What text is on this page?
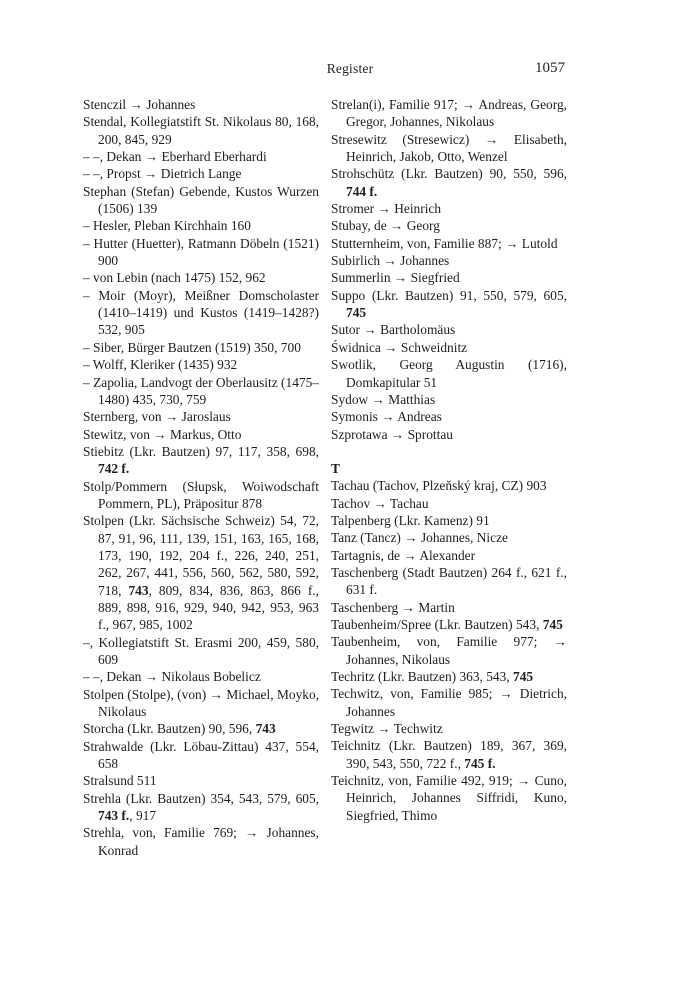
Register	1057

Stenczil → Johannes

Stendal, Kollegiatstift St. Nikolaus 80, 168, 200, 845, 929

– –, Dekan → Eberhard Eberhardi

– –, Propst → Dietrich Lange

Stephan (Stefan) Gebende, Kustos Wurzen (1506) 139

– Hesler, Pleban Kirchhain 160

– Hutter (Huetter), Ratmann Döbeln (1521) 900

– von Lebin (nach 1475) 152, 962

– Moir (Moyr), Meißner Domscholaster (1410–1419) und Kustos (1419–1428?) 532, 905

– Siber, Bürger Bautzen (1519) 350, 700

– Wolff, Kleriker (1435) 932

– Zapolia, Landvogt der Oberlausitz (1475–1480) 435, 730, 759

Sternberg, von → Jaroslaus

Stewitz, von → Markus, Otto

Stiebitz (Lkr. Bautzen) 97, 117, 358, 698, 742 f.

Stolp/Pommern (Słupsk, Woiwodschaft Pommern, PL), Präpositur 878

Stolpen (Lkr. Sächsische Schweiz) 54, 72, 87, 91, 96, 111, 139, 151, 163, 165, 168, 173, 190, 192, 204 f., 226, 240, 251, 262, 267, 441, 556, 560, 562, 580, 592, 718, 743, 809, 834, 836, 863, 866 f., 889, 898, 916, 929, 940, 942, 953, 963 f., 967, 985, 1002

–, Kollegiatstift St. Erasmi 200, 459, 580, 609

– –, Dekan → Nikolaus Bobelicz

Stolpen (Stolpe), (von) → Michael, Moyko, Nikolaus

Storcha (Lkr. Bautzen) 90, 596, 743

Strahwalde (Lkr. Löbau-Zittau) 437, 554, 658

Stralsund 511

Strehla (Lkr. Bautzen) 354, 543, 579, 605, 743 f., 917

Strehla, von, Familie 769; → Johannes, Konrad

Strelan(i), Familie 917; → Andreas, Georg, Gregor, Johannes, Nikolaus

Stresewitz (Stresewicz) → Elisabeth, Heinrich, Jakob, Otto, Wenzel

Strohschütz (Lkr. Bautzen) 90, 550, 596, 744 f.

Stromer → Heinrich

Stubay, de → Georg

Stutternheim, von, Familie 887; → Lutold

Subirlich → Johannes

Summerlin → Siegfried

Suppo (Lkr. Bautzen) 91, 550, 579, 605, 745

Sutor → Bartholomäus

Świdnica → Schweidnitz

Swotlik, Georg Augustin (1716), Domkapitular 51

Sydow → Matthias

Symonis → Andreas

Szprotawa → Sprottau

T

Tachau (Tachov, Plzeňský kraj, CZ) 903

Tachov → Tachau

Talpenberg (Lkr. Kamenz) 91

Tanz (Tancz) → Johannes, Nicze

Tartagnis, de → Alexander

Taschenberg (Stadt Bautzen) 264 f., 621 f., 631 f.

Taschenberg → Martin

Taubenheim/Spree (Lkr. Bautzen) 543, 745

Taubenheim, von, Familie 977; → Johannes, Nikolaus

Techritz (Lkr. Bautzen) 363, 543, 745

Techwitz, von, Familie 985; → Dietrich, Johannes

Tegwitz → Techwitz

Teichnitz (Lkr. Bautzen) 189, 367, 369, 390, 543, 550, 722 f., 745 f.

Teichnitz, von, Familie 492, 919; → Cuno, Heinrich, Johannes Siffridi, Kuno, Siegfried, Thimo
